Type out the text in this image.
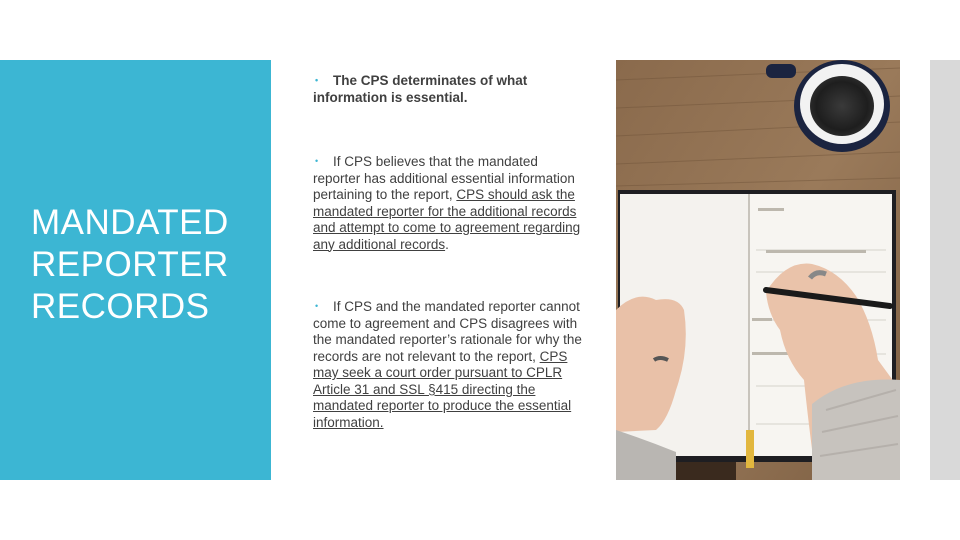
MANDATED
REPORTER
RECORDS

• The CPS determinates of what information is essential.

• If CPS believes that the mandated reporter has additional essential information pertaining to the report, CPS should ask the mandated reporter for the additional records and attempt to come to agreement regarding any additional records.

• If CPS and the mandated reporter cannot come to agreement and CPS disagrees with the mandated reporter’s rationale for why the records are not relevant to the report, CPS may seek a court order pursuant to CPLR Article 31 and SSL §415 directing the mandated reporter to produce the essential information.
